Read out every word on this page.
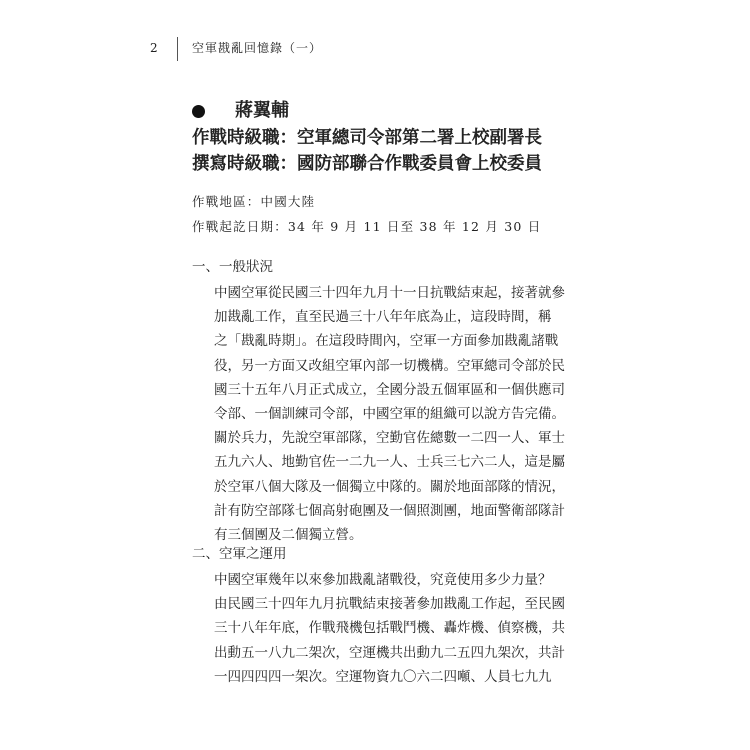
2	空軍戡亂回憶錄（一）
蔣翼輔
作戰時級職：空軍總司令部第二署上校副署長
撰寫時級職：國防部聯合作戰委員會上校委員
作戰地區：中國大陸
作戰起訖日期：34 年 9 月 11 日至 38 年 12 月 30 日
一、一般狀況
中國空軍從民國三十四年九月十一日抗戰結束起，接著就參
加戡亂工作，直至民過三十八年年底為止，這段時間，稱
之「戡亂時期」。在這段時間內，空軍一方面參加戡亂諸戰
役，另一方面又改組空軍內部一切機構。空軍總司令部於民
國三十五年八月正式成立，全國分設五個軍區和一個供應司
令部、一個訓練司令部，中國空軍的組織可以說方告完備。
關於兵力，先說空軍部隊，空勤官佐總數一二四一人、軍士
五九六人、地勤官佐一二九一人、士兵三七六二人，這是屬
於空軍八個大隊及一個獨立中隊的。關於地面部隊的情況，
計有防空部隊七個高射砲團及一個照測團，地面警衛部隊計
有三個團及二個獨立營。
二、空軍之運用
中國空軍幾年以來參加戡亂諸戰役，究竟使用多少力量？
由民國三十四年九月抗戰結束接著參加戡亂工作起，至民國
三十八年年底，作戰飛機包括戰鬥機、轟炸機、偵察機，共
出動五一八九二架次，空運機共出動九二五四九架次，共計
一四四四四一架次。空運物資九〇六二四噸、人員七九九
